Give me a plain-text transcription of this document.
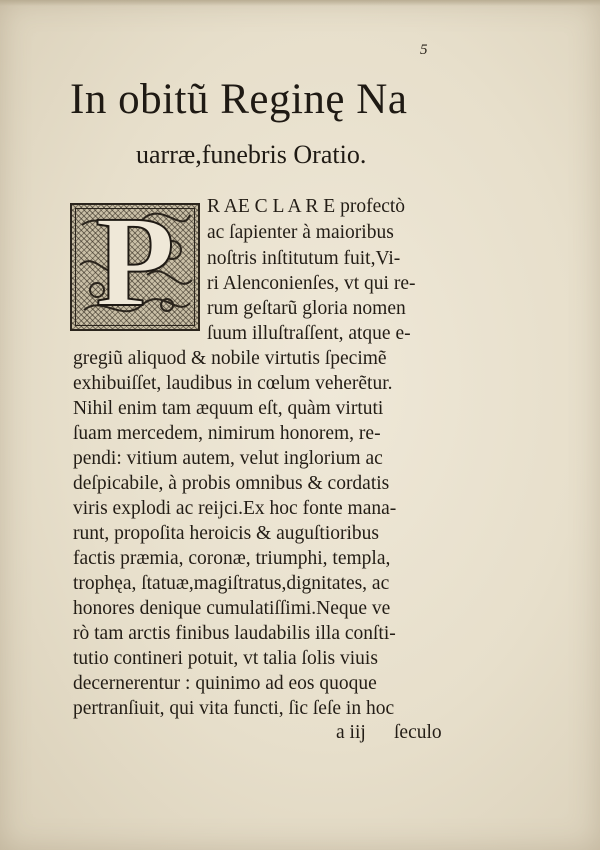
5
In obitũ Reginę Na
uarræ,funebris Oratio.
P	R AE C L A R E profectò
ac ſapienter à maioribus
noſtris inſtitutum fuit,Vi-
ri Alenconienſes, vt qui re-
rum geſtarũ gloria nomen
ſuum illuſtraſſent, atque e-
gregiũ aliquod & nobile virtutis ſpecimẽ
exhibuiſſet, laudibus in cœlum veherẽtur.
Nihil enim tam æquum eſt, quàm virtuti
ſuam mercedem, nimirum honorem, re-
pendi: vitium autem, velut inglorium ac
deſpicabile, à probis omnibus & cordatis
viris explodi ac reijci.Ex hoc fonte mana-
runt, propoſita heroicis & auguſtioribus
factis præmia, coronæ, triumphi, templa,
trophęa, ſtatuæ,magiſtratus,dignitates, ac
honores denique cumulatiſſimi.Neque ve
rò tam arctis finibus laudabilis illa conſti-
tutio contineri potuit, vt talia ſolis viuis
decernerentur : quinimo ad eos quoque
pertranſiuit, qui vita functi, ſic ſeſe in hoc
a iij ſeculo
